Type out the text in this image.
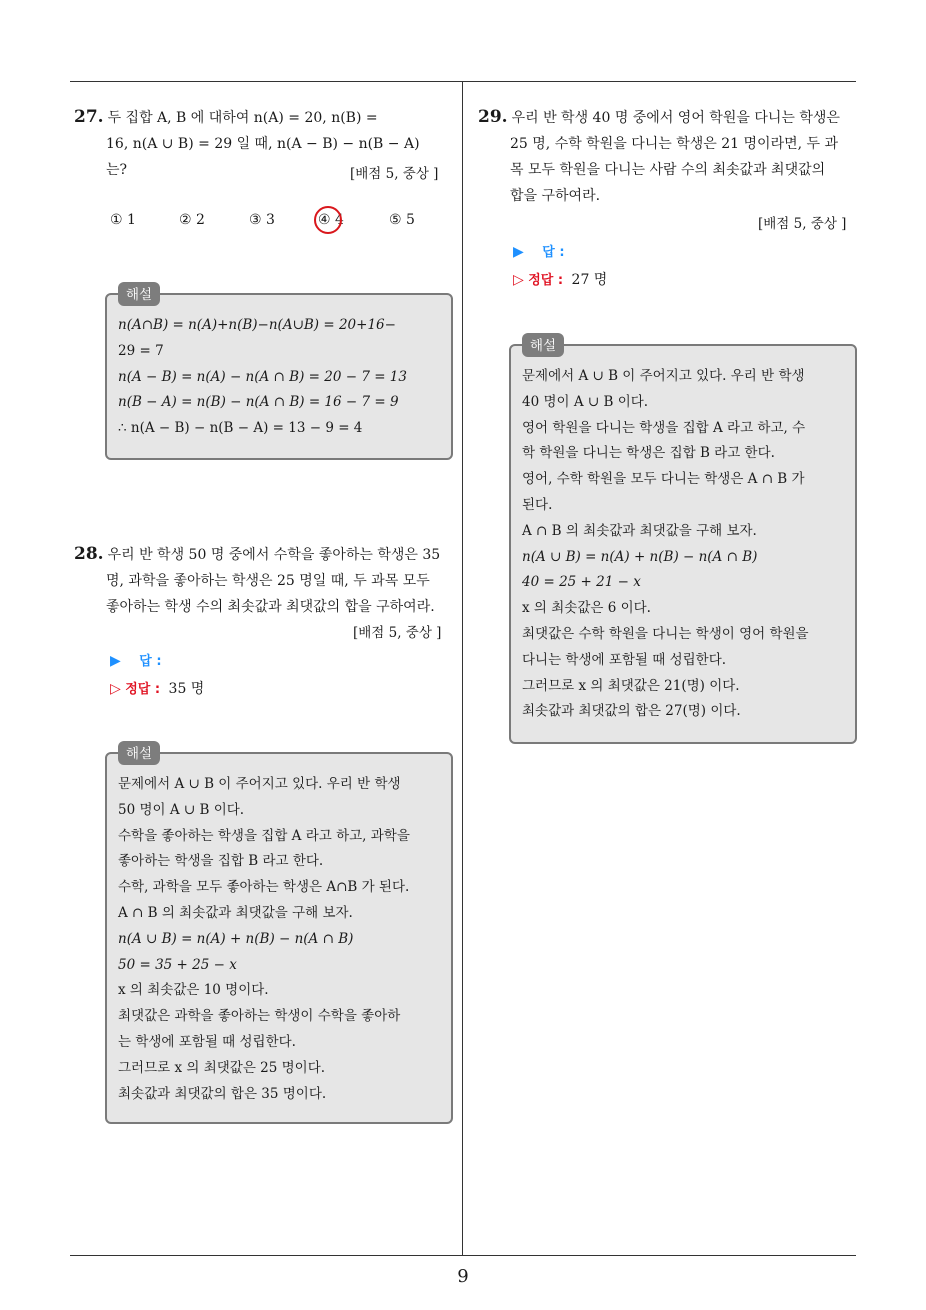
27. 두 집합 A, B 에 대하여 n(A) = 20, n(B) =
16, n(A ∪ B) = 29 일 때, n(A − B) − n(B − A)
는?	[배점 5, 중상 ]
① 1	② 2	③ 3	④ 4	⑤ 5
n(A∩B) = n(A)+n(B)−n(A∪B) = 20+16−
29 = 7
n(A − B) = n(A) − n(A ∩ B) = 20 − 7 = 13
n(B − A) = n(B) − n(A ∩ B) = 16 − 7 = 9
∴ n(A − B) − n(B − A) = 13 − 9 = 4
해설
28. 우리 반 학생 50 명 중에서 수학을 좋아하는 학생은 35
명, 과학을 좋아하는 학생은 25 명일 때, 두 과목 모두
좋아하는 학생 수의 최솟값과 최댓값의 합을 구하여라.
[배점 5, 중상 ]
▶ 답 :
▷ 정답 : 35 명
문제에서 A ∪ B 이 주어지고 있다. 우리 반 학생
50 명이 A ∪ B 이다.
수학을 좋아하는 학생을 집합 A 라고 하고, 과학을
좋아하는 학생을 집합 B 라고 한다.
수학, 과학을 모두 좋아하는 학생은 A∩B 가 된다.
A ∩ B 의 최솟값과 최댓값을 구해 보자.
n(A ∪ B) = n(A) + n(B) − n(A ∩ B)
50 = 35 + 25 − x
x 의 최솟값은 10 명이다.
최댓값은 과학을 좋아하는 학생이 수학을 좋아하
는 학생에 포함될 때 성립한다.
그러므로 x 의 최댓값은 25 명이다.
최솟값과 최댓값의 합은 35 명이다.
해설
29. 우리 반 학생 40 명 중에서 영어 학원을 다니는 학생은
25 명, 수학 학원을 다니는 학생은 21 명이라면, 두 과
목 모두 학원을 다니는 사람 수의 최솟값과 최댓값의
합을 구하여라.
[배점 5, 중상 ]
▶ 답 :
▷ 정답 : 27 명
문제에서 A ∪ B 이 주어지고 있다. 우리 반 학생
40 명이 A ∪ B 이다.
영어 학원을 다니는 학생을 집합 A 라고 하고, 수
학 학원을 다니는 학생은 집합 B 라고 한다.
영어, 수학 학원을 모두 다니는 학생은 A ∩ B 가
된다.
A ∩ B 의 최솟값과 최댓값을 구해 보자.
n(A ∪ B) = n(A) + n(B) − n(A ∩ B)
40 = 25 + 21 − x
x 의 최솟값은 6 이다.
최댓값은 수학 학원을 다니는 학생이 영어 학원을
다니는 학생에 포함될 때 성립한다.
그러므로 x 의 최댓값은 21(명) 이다.
최솟값과 최댓값의 합은 27(명) 이다.
해설
9
